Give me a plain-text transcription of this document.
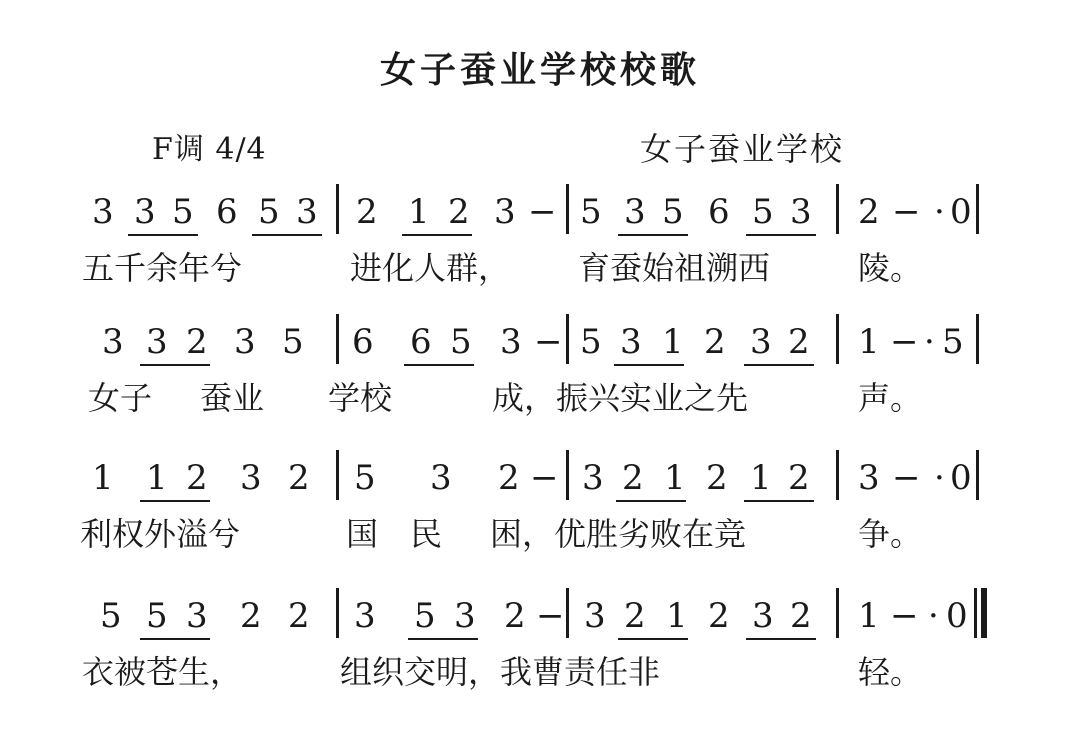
女子蚕业学校校歌
F调 4/4	女子蚕业学校
3 3 5 6 5 3 2 1 2 3 − 5 3 5 6 5 3 2 − · 0
五千余年兮	进化人群， 育蚕始祖溯西	陵。
3 3 2 3 5 6 6 5 3 − 5 3 1 2 3 2 1 − · 5
女子 蚕业 学校	成，振兴实业之先	声。
1 1 2 3 2 5 3 2 − 3 2 1 2 1 2 3 − · 0
利权外溢兮	国 民 困，优胜劣败在竞	争。
5 5 3 2 2 3 5 3 2 − 3 2 1 2 3 2 1 − · 0
衣被苍生，	组织交明，我曹责任非	轻。
